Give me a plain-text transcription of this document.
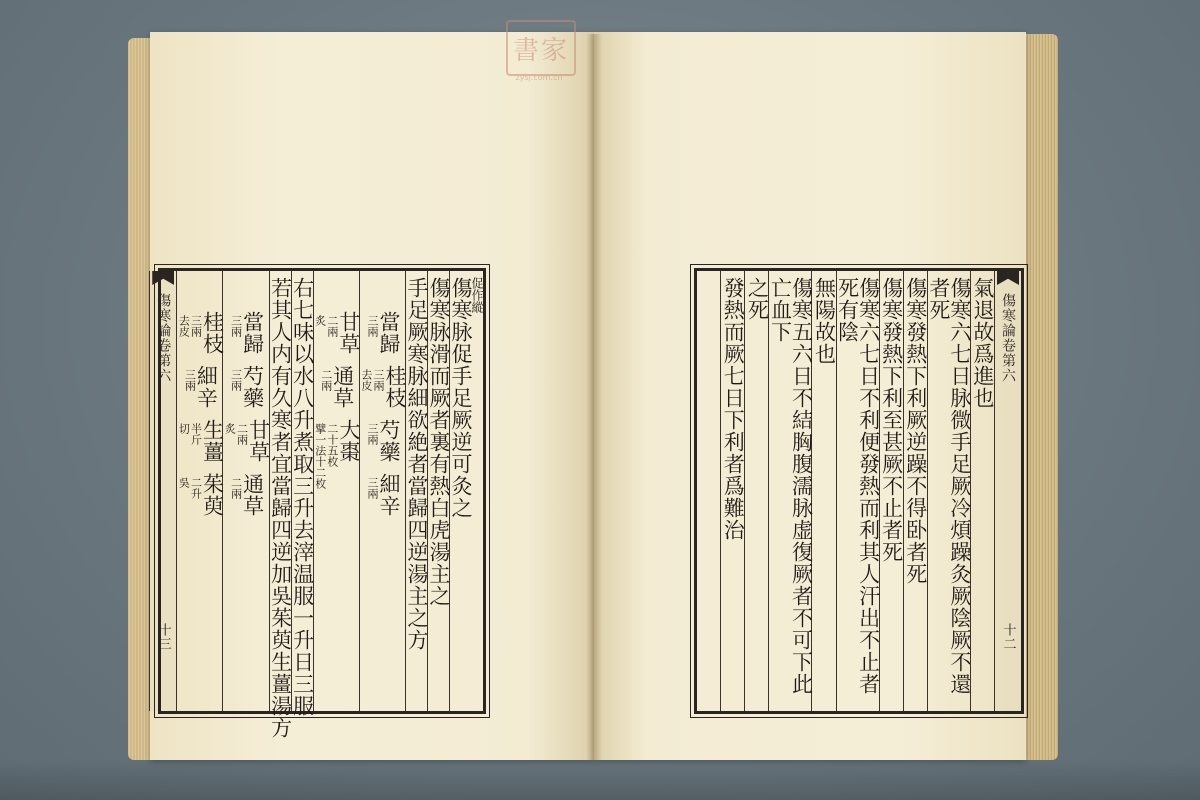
書家
zysj.com.cn
傷寒脉促手足厥逆可灸之
促作縱
傷寒脉滑而厥者裏有熱白虎湯主之
手足厥寒脉細欲絶者當歸四逆湯主之方
當歸
三兩
桂枝
三兩
去皮
芍藥
三兩
細辛
三兩
甘草
二兩
炙
通草
二兩
大棗
二十五枚
擘一法十二枚
右七味以水八升煮取三升去滓温服一升日三服
若其人内有久寒者宜當歸四逆加吳茱萸生薑湯方
當歸
三兩
芍藥
三兩
甘草
二兩
炙
通草
二兩
桂枝
三兩
去皮
細辛
三兩
生薑
半斤
切
茱萸
二升
吳
傷寒論卷第六
十三
傷寒論卷第六
十二
氣退故爲進也
傷寒六七日脉微手足厥冷煩躁灸厥陰厥不還者死
傷寒發熱下利厥逆躁不得卧者死
傷寒發熱下利至甚厥不止者死
傷寒六七日不利便發熱而利其人汗出不止者死有陰
無陽故也
傷寒五六日不結胸腹濡脉虚復厥者不可下此亡血下
之死
發熱而厥七日下利者爲難治
